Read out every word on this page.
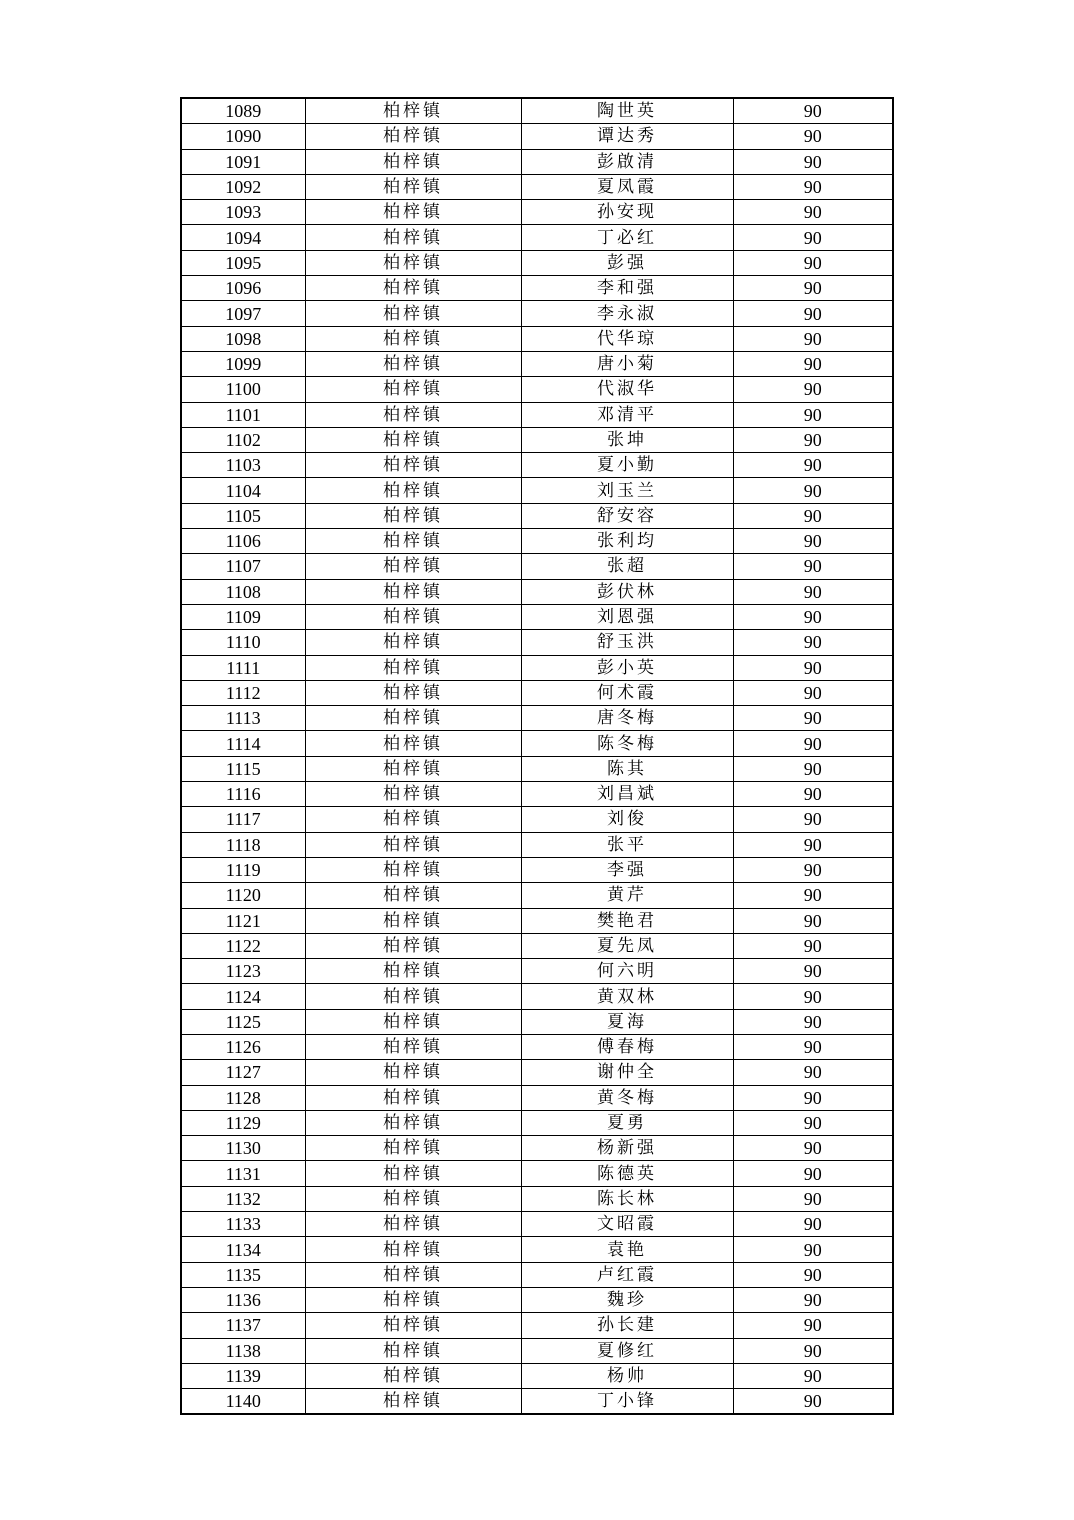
1089	柏梓镇	陶世英	90
1090	柏梓镇	谭达秀	90
1091	柏梓镇	彭啟清	90
1092	柏梓镇	夏凤霞	90
1093	柏梓镇	孙安现	90
1094	柏梓镇	丁必红	90
1095	柏梓镇	彭强	90
1096	柏梓镇	李和强	90
1097	柏梓镇	李永淑	90
1098	柏梓镇	代华琼	90
1099	柏梓镇	唐小菊	90
1100	柏梓镇	代淑华	90
1101	柏梓镇	邓清平	90
1102	柏梓镇	张坤	90
1103	柏梓镇	夏小勤	90
1104	柏梓镇	刘玉兰	90
1105	柏梓镇	舒安容	90
1106	柏梓镇	张利均	90
1107	柏梓镇	张超	90
1108	柏梓镇	彭伏林	90
1109	柏梓镇	刘恩强	90
1110	柏梓镇	舒玉洪	90
1111	柏梓镇	彭小英	90
1112	柏梓镇	何术霞	90
1113	柏梓镇	唐冬梅	90
1114	柏梓镇	陈冬梅	90
1115	柏梓镇	陈其	90
1116	柏梓镇	刘昌斌	90
1117	柏梓镇	刘俊	90
1118	柏梓镇	张平	90
1119	柏梓镇	李强	90
1120	柏梓镇	黄芹	90
1121	柏梓镇	樊艳君	90
1122	柏梓镇	夏先凤	90
1123	柏梓镇	何六明	90
1124	柏梓镇	黄双林	90
1125	柏梓镇	夏海	90
1126	柏梓镇	傅春梅	90
1127	柏梓镇	谢仲全	90
1128	柏梓镇	黄冬梅	90
1129	柏梓镇	夏勇	90
1130	柏梓镇	杨新强	90
1131	柏梓镇	陈德英	90
1132	柏梓镇	陈长林	90
1133	柏梓镇	文昭霞	90
1134	柏梓镇	袁艳	90
1135	柏梓镇	卢红霞	90
1136	柏梓镇	魏珍	90
1137	柏梓镇	孙长建	90
1138	柏梓镇	夏修红	90
1139	柏梓镇	杨帅	90
1140	柏梓镇	丁小锋	90
